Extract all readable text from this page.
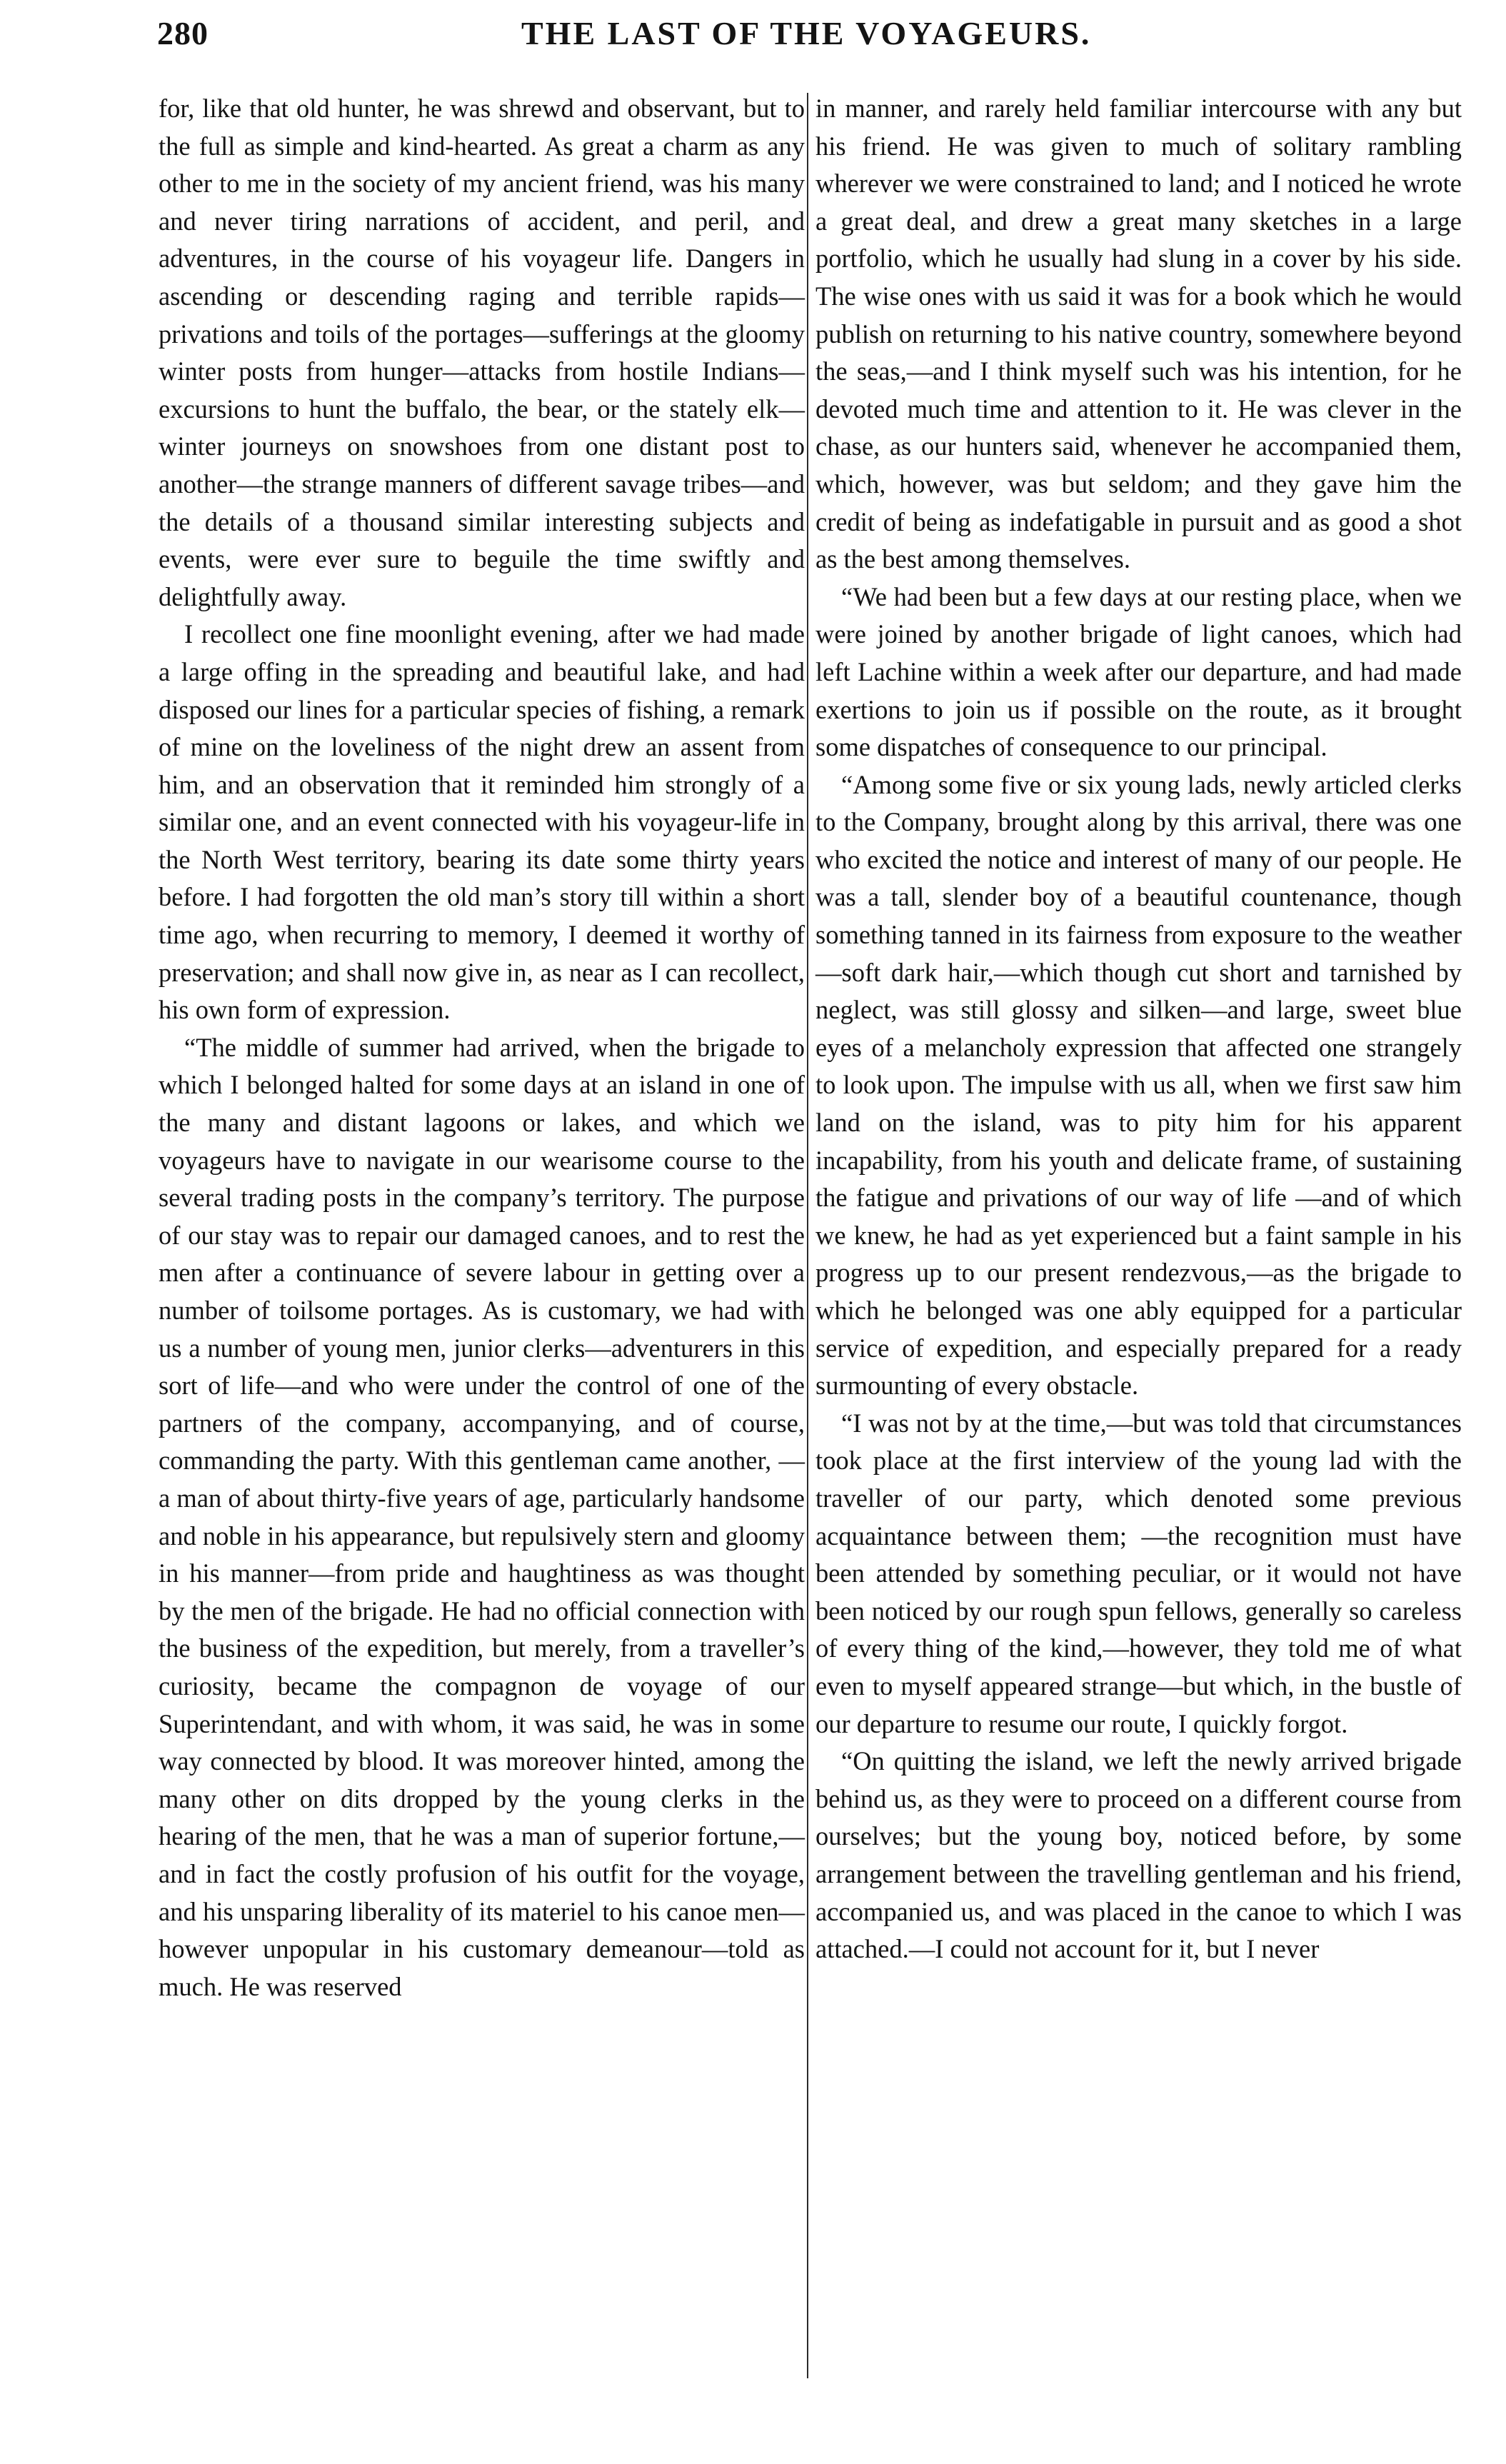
280	THE LAST OF THE VOYAGEURS.

for, like that old hunter, he was shrewd and observant, but to the full as simple and kind-hearted. As great a charm as any other to me in the society of my ancient friend, was his many and never tiring narrations of accident, and peril, and adventures, in the course of his voyageur life. Dangers in ascending or descending raging and terrible rapids—privations and toils of the portages—sufferings at the gloomy winter posts from hunger—attacks from hostile Indians—excursions to hunt the buffalo, the bear, or the stately elk—winter journeys on snowshoes from one distant post to another—the strange manners of different savage tribes—and the details of a thousand similar interesting subjects and events, were ever sure to beguile the time swiftly and delightfully away.

I recollect one fine moonlight evening, after we had made a large offing in the spreading and beautiful lake, and had disposed our lines for a particular species of fishing, a remark of mine on the loveliness of the night drew an assent from him, and an observation that it reminded him strongly of a similar one, and an event connected with his voyageur-life in the North West territory, bearing its date some thirty years before. I had forgotten the old man’s story till within a short time ago, when recurring to memory, I deemed it worthy of preservation; and shall now give in, as near as I can recollect, his own form of expression.

“The middle of summer had arrived, when the brigade to which I belonged halted for some days at an island in one of the many and distant lagoons or lakes, and which we voyageurs have to navigate in our wearisome course to the several trading posts in the company’s territory. The purpose of our stay was to repair our damaged canoes, and to rest the men after a continuance of severe labour in getting over a number of toilsome portages. As is customary, we had with us a number of young men, junior clerks—adventurers in this sort of life—and who were under the control of one of the partners of the company, accompanying, and of course, commanding the party. With this gentleman came another, —a man of about thirty-five years of age, particularly handsome and noble in his appearance, but repulsively stern and gloomy in his manner—from pride and haughtiness as was thought by the men of the brigade. He had no official connection with the business of the expedition, but merely, from a traveller’s curiosity, became the compagnon de voyage of our Superintendant, and with whom, it was said, he was in some way connected by blood. It was moreover hinted, among the many other on dits dropped by the young clerks in the hearing of the men, that he was a man of superior fortune,—and in fact the costly profusion of his outfit for the voyage, and his unsparing liberality of its materiel to his canoe men—however unpopular in his customary demeanour—told as much. He was reserved

in manner, and rarely held familiar intercourse with any but his friend. He was given to much of solitary rambling wherever we were constrained to land; and I noticed he wrote a great deal, and drew a great many sketches in a large portfolio, which he usually had slung in a cover by his side. The wise ones with us said it was for a book which he would publish on returning to his native country, somewhere beyond the seas,—and I think myself such was his intention, for he devoted much time and attention to it. He was clever in the chase, as our hunters said, whenever he accompanied them, which, however, was but seldom; and they gave him the credit of being as indefatigable in pursuit and as good a shot as the best among themselves.

“We had been but a few days at our resting place, when we were joined by another brigade of light canoes, which had left Lachine within a week after our departure, and had made exertions to join us if possible on the route, as it brought some dispatches of consequence to our principal.

“Among some five or six young lads, newly articled clerks to the Company, brought along by this arrival, there was one who excited the notice and interest of many of our people. He was a tall, slender boy of a beautiful countenance, though something tanned in its fairness from exposure to the weather —soft dark hair,—which though cut short and tarnished by neglect, was still glossy and silken—and large, sweet blue eyes of a melancholy expression that affected one strangely to look upon. The impulse with us all, when we first saw him land on the island, was to pity him for his apparent incapability, from his youth and delicate frame, of sustaining the fatigue and privations of our way of life —and of which we knew, he had as yet experienced but a faint sample in his progress up to our present rendezvous,—as the brigade to which he belonged was one ably equipped for a particular service of expedition, and especially prepared for a ready surmounting of every obstacle.

“I was not by at the time,—but was told that circumstances took place at the first interview of the young lad with the traveller of our party, which denoted some previous acquaintance between them; —the recognition must have been attended by something peculiar, or it would not have been noticed by our rough spun fellows, generally so careless of every thing of the kind,—however, they told me of what even to myself appeared strange—but which, in the bustle of our departure to resume our route, I quickly forgot.

“On quitting the island, we left the newly arrived brigade behind us, as they were to proceed on a different course from ourselves; but the young boy, noticed before, by some arrangement between the travelling gentleman and his friend, accompanied us, and was placed in the canoe to which I was attached.—I could not account for it, but I never
